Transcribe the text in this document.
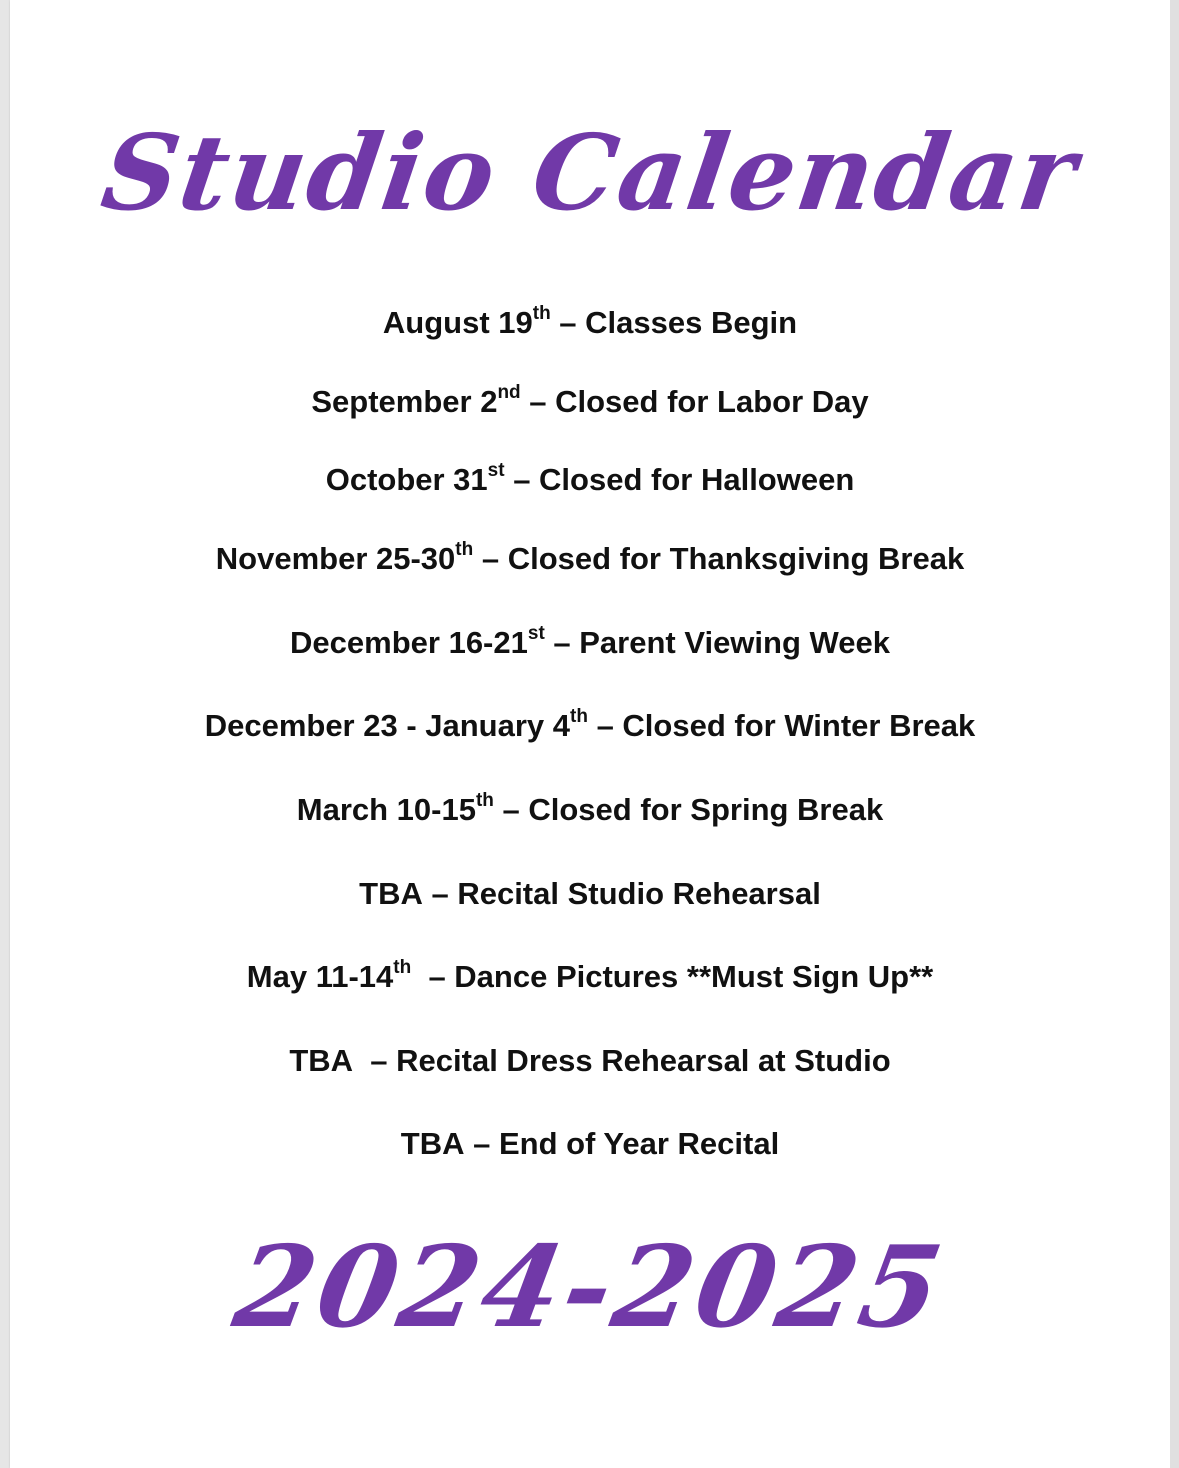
Studio Calendar
August 19th – Classes Begin
September 2nd – Closed for Labor Day
October 31st – Closed for Halloween
November 25-30th – Closed for Thanksgiving Break
December 16-21st – Parent Viewing Week
December 23 - January 4th – Closed for Winter Break
March 10-15th – Closed for Spring Break
TBA – Recital Studio Rehearsal
May 11-14th  – Dance Pictures **Must Sign Up**
TBA  – Recital Dress Rehearsal at Studio
TBA – End of Year Recital
2024-2025
